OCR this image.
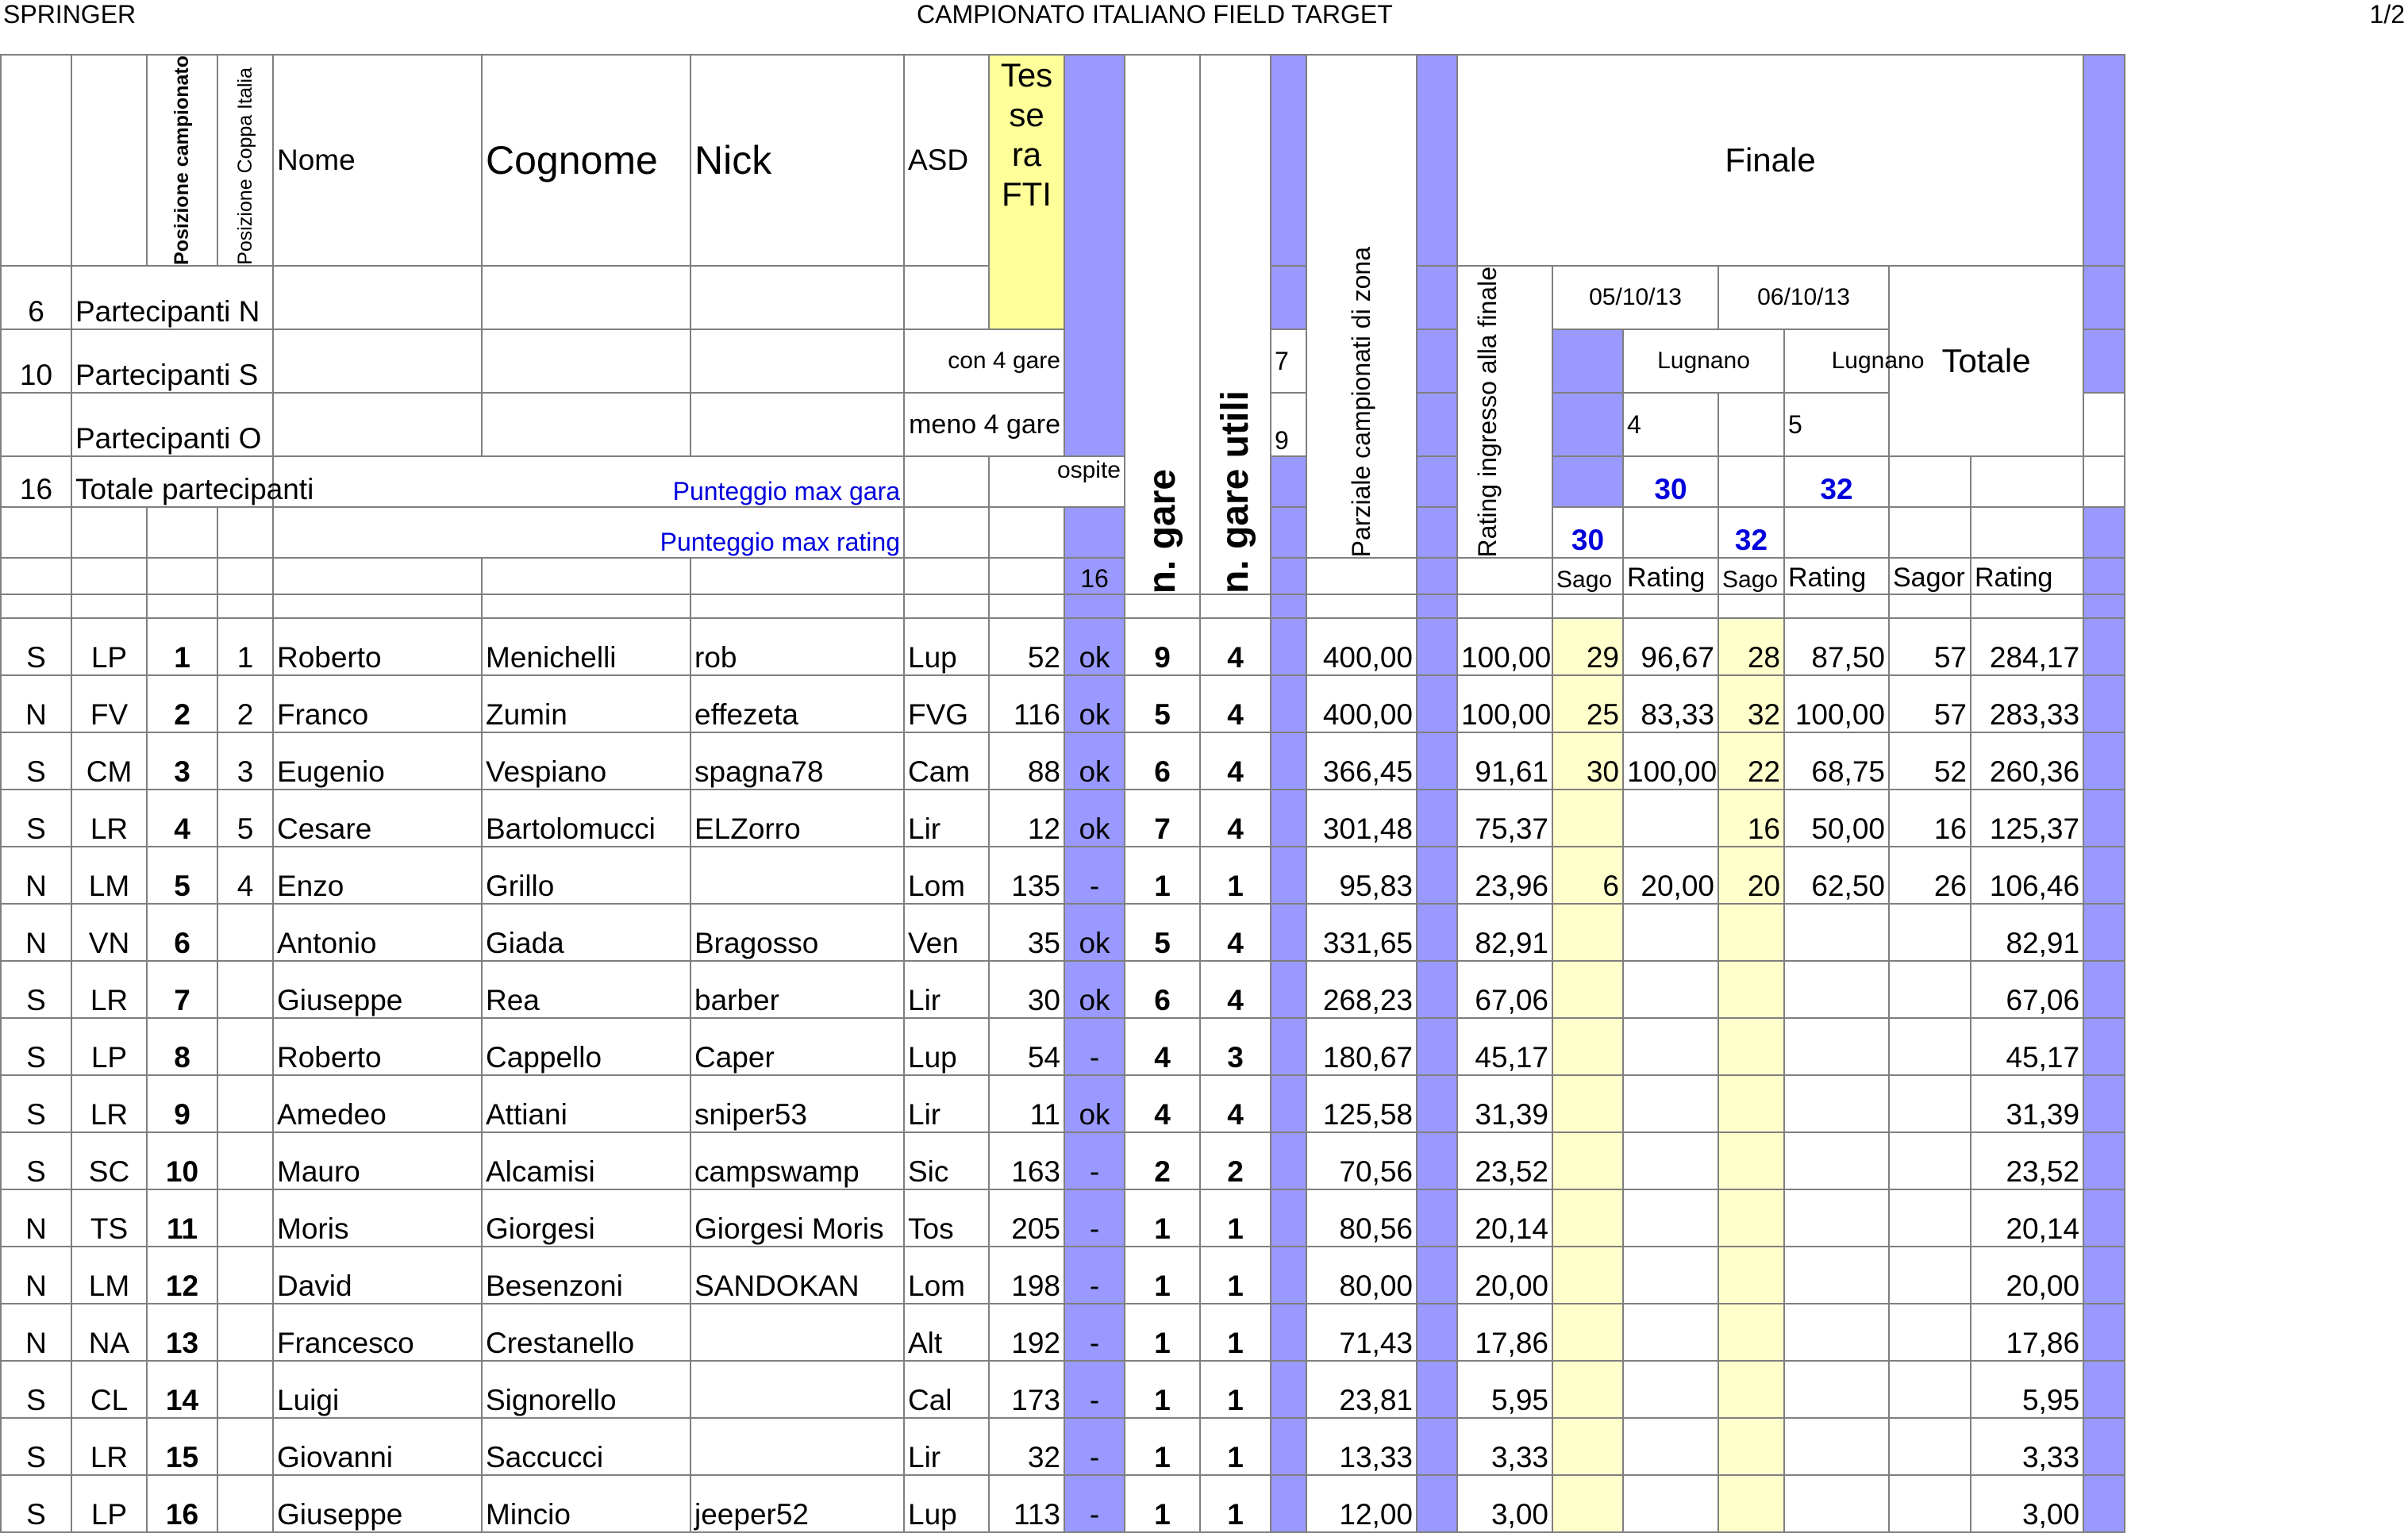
SPRINGER	CAMPIONATO ITALIANO FIELD TARGET	1/2

		Posizione campionato	Posizione Coppa Italia	Nome	Cognome	Nick	ASD	Tes se ra FTI		n. gare	n. gare utili		Parziale campionati di zona		Finale								
6	Partecipanti N														Rating ingresso alla finale	05/10/13		06/10/13		Totale			
10	Partecipanti S						con 4 gare					7					Lugnano		Lugnano				
	Partecipanti O						meno 4 gare					9					4		5				
16	Totale partecipanti			Punteggio max gara				ospite									30		32				
				Punteggio max rating												30		32					
									16							Sago	Rating	Sago	Rating	Sagor	Rating		

S	LP	1	1	Roberto	Menichelli	rob	Lup	52	ok	9	4		400,00		100,00	29	96,67	28	87,50	57	284,17		
N	FV	2	2	Franco	Zumin	effezeta	FVG	116	ok	5	4		400,00		100,00	25	83,33	32	100,00	57	283,33		
S	CM	3	3	Eugenio	Vespiano	spagna78	Cam	88	ok	6	4		366,45		91,61	30	100,00	22	68,75	52	260,36		
S	LR	4	5	Cesare	Bartolomucci	ELZorro	Lir	12	ok	7	4		301,48		75,37			16	50,00	16	125,37		
N	LM	5	4	Enzo	Grillo		Lom	135	-	1	1		95,83		23,96	6	20,00	20	62,50	26	106,46		
N	VN	6		Antonio	Giada	Bragosso	Ven	35	ok	5	4		331,65		82,91						82,91		
S	LR	7		Giuseppe	Rea	barber	Lir	30	ok	6	4		268,23		67,06						67,06		
S	LP	8		Roberto	Cappello	Caper	Lup	54	-	4	3		180,67		45,17						45,17		
S	LR	9		Amedeo	Attiani	sniper53	Lir	11	ok	4	4		125,58		31,39						31,39		
S	SC	10		Mauro	Alcamisi	campswamp	Sic	163	-	2	2		70,56		23,52						23,52		
N	TS	11		Moris	Giorgesi	Giorgesi Moris	Tos	205	-	1	1		80,56		20,14						20,14		
N	LM	12		David	Besenzoni	SANDOKAN	Lom	198	-	1	1		80,00		20,00						20,00		
N	NA	13		Francesco	Crestanello		Alt	192	-	1	1		71,43		17,86						17,86		
S	CL	14		Luigi	Signorello		Cal	173	-	1	1		23,81		5,95						5,95		
S	LR	15		Giovanni	Saccucci		Lir	32	-	1	1		13,33		3,33						3,33		
S	LP	16		Giuseppe	Mincio	jeeper52	Lup	113	-	1	1		12,00		3,00						3,00		
